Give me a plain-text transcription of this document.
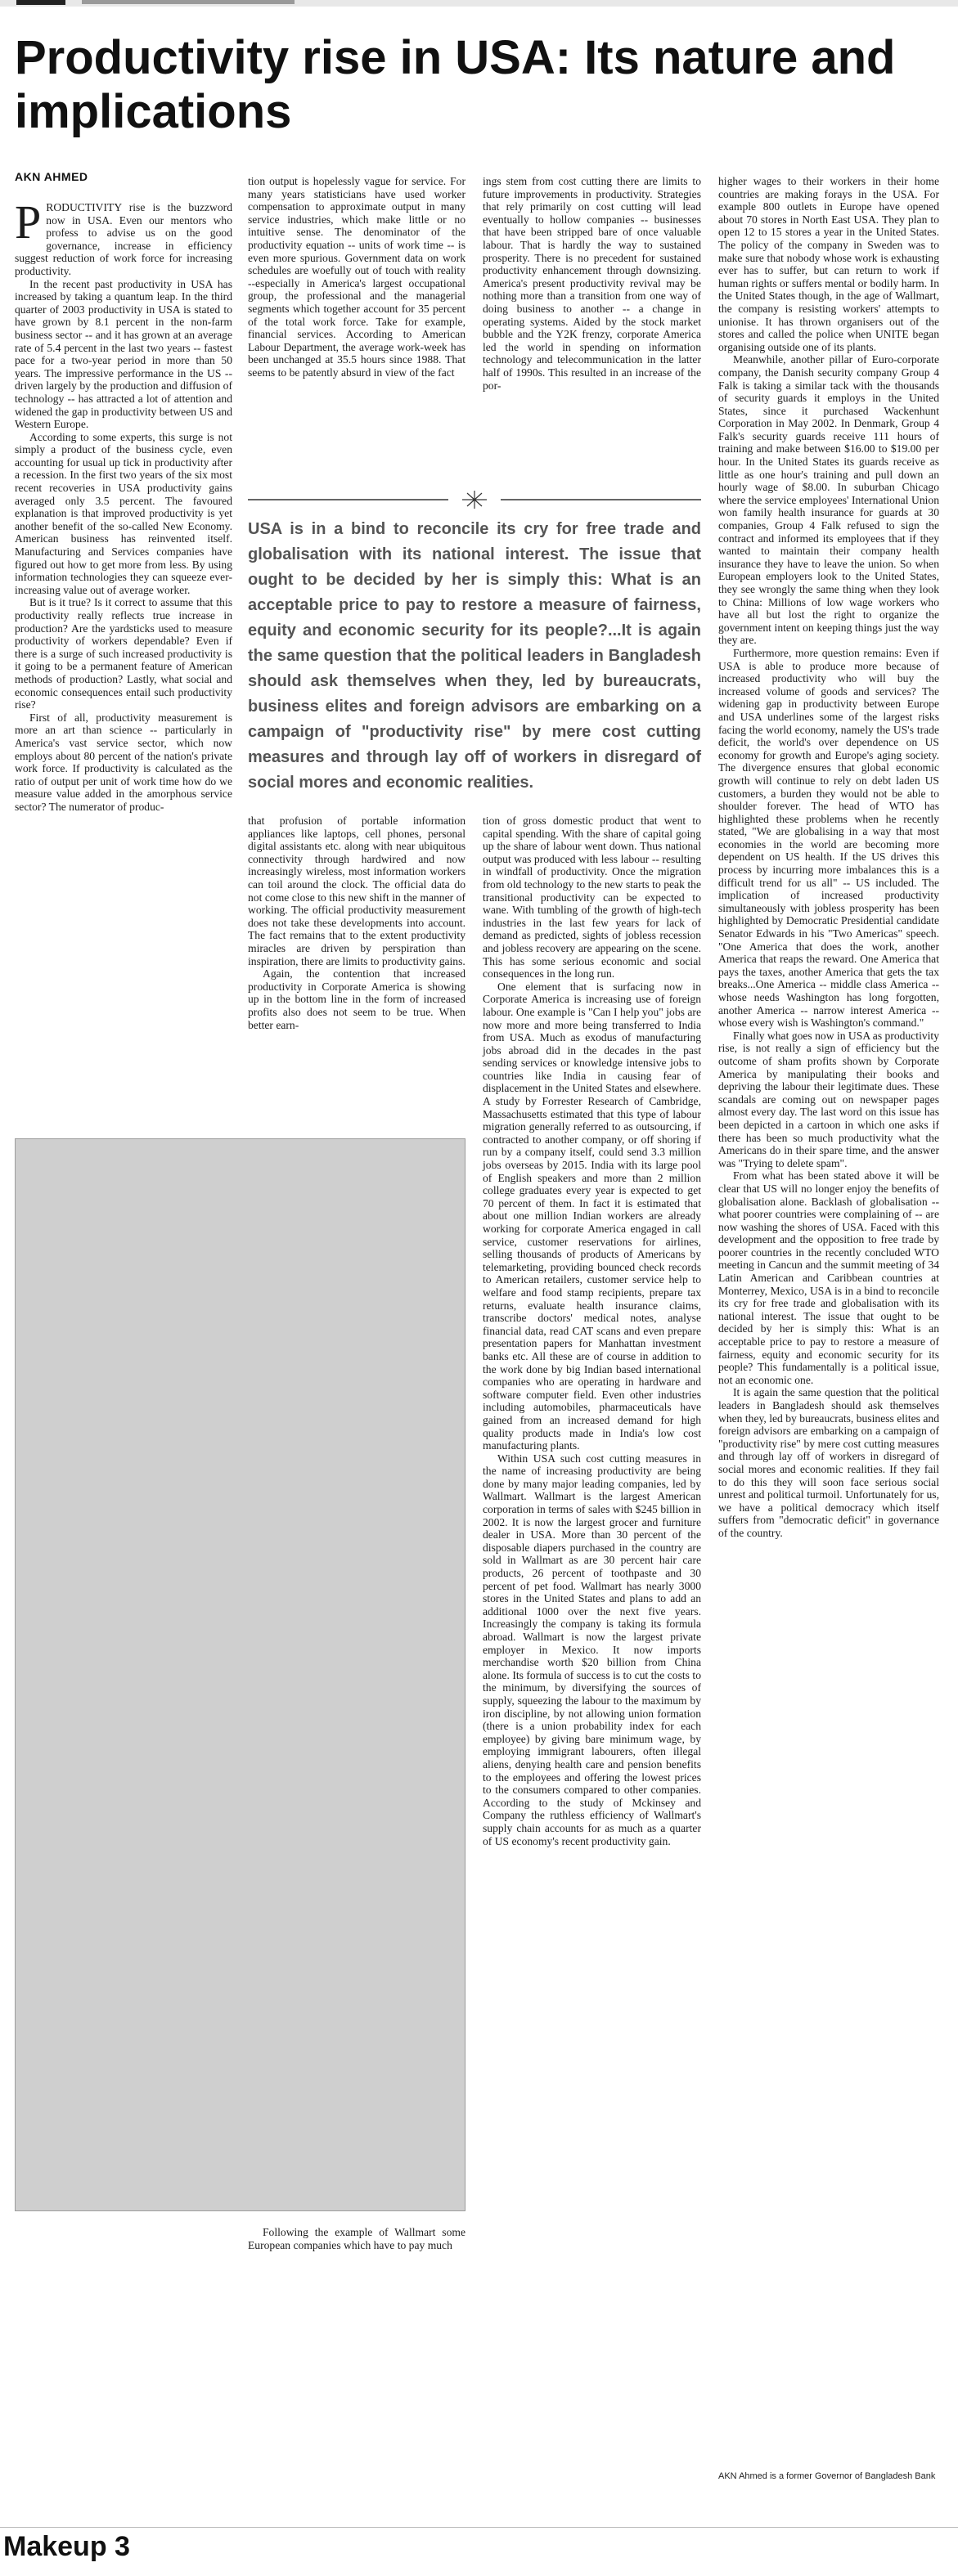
Productivity rise in USA: Its nature and implications
AKN AHMED

PRODUCTIVITY rise is the buzzword now in USA. Even our mentors who profess to advise us on the good governance, increase in efficiency suggest reduction of work force for increasing productivity.

In the recent past productivity in USA has increased by taking a quantum leap. In the third quarter of 2003 productivity in USA is stated to have grown by 8.1 percent in the non-farm business sector -- and it has grown at an average rate of 5.4 percent in the last two years -- fastest pace for a two-year period in more than 50 years. The impressive performance in the US -- driven largely by the production and diffusion of technology -- has attracted a lot of attention and widened the gap in productivity between US and Western Europe.

According to some experts, this surge is not simply a product of the business cycle, even accounting for usual up tick in productivity after a recession. In the first two years of the six most recent recoveries in USA productivity gains averaged only 3.5 percent. The favoured explanation is that improved productivity is yet another benefit of the so-called New Economy. American business has reinvented itself. Manufacturing and Services companies have figured out how to get more from less. By using information technologies they can squeeze ever-increasing value out of average worker.

But is it true? Is it correct to assume that this productivity really reflects true increase in production? Are the yardsticks used to measure productivity of workers dependable? Even if there is a surge of such increased productivity is it going to be a permanent feature of American methods of production? Lastly, what social and economic consequences entail such productivity rise?

First of all, productivity measurement is more an art than science -- particularly in America's vast service sector, which now employs about 80 percent of the nation's private work force. If productivity is calculated as the ratio of output per unit of work time how do we measure value added in the amorphous service sector? The numerator of produc-

tion output is hopelessly vague for service. For many years statisticians have used worker compensation to approximate output in many service industries, which make little or no intuitive sense. The denominator of the productivity equation -- units of work time -- is even more spurious. Government data on work schedules are woefully out of touch with reality --especially in America's largest occupational group, the professional and the managerial segments which together account for 35 percent of the total work force. Take for example, financial services. According to American Labour Department, the average work-week has been unchanged at 35.5 hours since 1988. That seems to be patently absurd in view of the fact

ings stem from cost cutting there are limits to future improvements in productivity. Strategies that rely primarily on cost cutting will lead eventually to hollow companies -- businesses that have been stripped bare of once valuable labour. That is hardly the way to sustained prosperity. There is no precedent for sustained productivity enhancement through downsizing. America's present productivity revival may be nothing more than a transition from one way of doing business to another -- a change in operating systems. Aided by the stock market bubble and the Y2K frenzy, corporate America led the world in spending on information technology and telecommunication in the latter half of 1990s. This resulted in an increase of the por-

USA is in a bind to reconcile its cry for free trade and globalisation with its national interest. The issue that ought to be decided by her is simply this: What is an acceptable price to pay to restore a measure of fairness, equity and economic security for its people?...It is again the same question that the political leaders in Bangladesh should ask themselves when they, led by bureaucrats, business elites and foreign advisors are embarking on a campaign of "productivity rise" by mere cost cutting measures and through lay off of workers in disregard of social mores and economic realities.

that profusion of portable information appliances like laptops, cell phones, personal digital assistants etc. along with near ubiquitous connectivity through hardwired and now increasingly wireless, most information workers can toil around the clock. The official data do not come close to this new shift in the manner of working. The official productivity measurement does not take these developments into account. The fact remains that to the extent productivity miracles are driven by perspiration than inspiration, there are limits to productivity gains.

Again, the contention that increased productivity in Corporate America is showing up in the bottom line in the form of increased profits also does not seem to be true. When better earn-

tion of gross domestic product that went to capital spending. With the share of capital going up the share of labour went down. Thus national output was produced with less labour -- resulting in windfall of productivity. Once the migration from old technology to the new starts to peak the transitional productivity can be expected to wane. With tumbling of the growth of high-tech industries in the last few years for lack of demand as predicted, sights of jobless recession and jobless recovery are appearing on the scene. This has some serious economic and social consequences in the long run.

One element that is surfacing now in Corporate America is increasing use of foreign labour. One example is "Can I help you" jobs are now more and more being transferred to India from USA. Much as exodus of manufacturing jobs abroad did in the decades in the past sending services or knowledge intensive jobs to countries like India in causing fear of displacement in the United States and elsewhere. A study by Forrester Research of Cambridge, Massachusetts estimated that this type of labour migration generally referred to as outsourcing, if contracted to another company, or off shoring if run by a company itself, could send 3.3 million jobs overseas by 2015. India with its large pool of English speakers and more than 2 million college graduates every year is expected to get 70 percent of them. In fact it is estimated that about one million Indian workers are already working for corporate America engaged in call service, customer reservations for airlines, selling thousands of products of Americans by telemarketing, providing bounced check records to American retailers, customer service help to welfare and food stamp recipients, prepare tax returns, evaluate health insurance claims, transcribe doctors' medical notes, analyse financial data, read CAT scans and even prepare presentation papers for Manhattan investment banks etc. All these are of course in addition to the work done by big Indian based international companies who are operating in hardware and software computer field. Even other industries including automobiles, pharmaceuticals have gained from an increased demand for high quality products made in India's low cost manufacturing plants.

Within USA such cost cutting measures in the name of increasing productivity are being done by many major leading companies, led by Wallmart. Wallmart is the largest American corporation in terms of sales with $245 billion in 2002. It is now the largest grocer and furniture dealer in USA. More than 30 percent of the disposable diapers purchased in the country are sold in Wallmart as are 30 percent hair care products, 26 percent of toothpaste and 30 percent of pet food. Wallmart has nearly 3000 stores in the United States and plans to add an additional 1000 over the next five years. Increasingly the company is taking its formula abroad. Wallmart is now the largest private employer in Mexico. It now imports merchandise worth $20 billion from China alone. Its formula of success is to cut the costs to the minimum, by diversifying the sources of supply, squeezing the labour to the maximum by iron discipline, by not allowing union formation (there is a union probability index for each employee) by giving bare minimum wage, by employing immigrant labourers, often illegal aliens, denying health care and pension benefits to the employees and offering the lowest prices to the consumers compared to other companies. According to the study of Mckinsey and Company the ruthless efficiency of Wallmart's supply chain accounts for as much as a quarter of US economy's recent productivity gain.

Following the example of Wallmart some European companies which have to pay much

higher wages to their workers in their home countries are making forays in the USA. For example 800 outlets in Europe have opened about 70 stores in North East USA. They plan to open 12 to 15 stores a year in the United States. The policy of the company in Sweden was to make sure that nobody whose work is exhausting ever has to suffer, but can return to work if human rights or suffers mental or bodily harm. In the United States though, in the age of Wallmart, the company is resisting workers' attempts to unionise. It has thrown organisers out of the stores and called the police when UNITE began organising outside one of its plants.

Meanwhile, another pillar of Euro-corporate company, the Danish security company Group 4 Falk is taking a similar tack with the thousands of security guards it employs in the United States, since it purchased Wackenhunt Corporation in May 2002. In Denmark, Group 4 Falk's security guards receive 111 hours of training and make between $16.00 to $19.00 per hour. In the United States its guards receive as little as one hour's training and pull down an hourly wage of $8.00. In suburban Chicago where the service employees' International Union won family health insurance for guards at 30 companies, Group 4 Falk refused to sign the contract and informed its employees that if they wanted to maintain their company health insurance they have to leave the union. So when European employers look to the United States, they see wrongly the same thing when they look to China: Millions of low wage workers who have all but lost the right to organize the government intent on keeping things just the way they are.

Furthermore, more question remains: Even if USA is able to produce more because of increased productivity who will buy the increased volume of goods and services? The widening gap in productivity between Europe and USA underlines some of the largest risks facing the world economy, namely the US's trade deficit, the world's over dependence on US economy for growth and Europe's aging society. The divergence ensures that global economic growth will continue to rely on debt laden US customers, a burden they would not be able to shoulder forever. The head of WTO has highlighted these problems when he recently stated, "We are globalising in a way that most economies in the world are becoming more dependent on US health. If the US drives this process by incurring more imbalances this is a difficult trend for us all" -- US included. The implication of increased productivity simultaneously with jobless prosperity has been highlighted by Democratic Presidential candidate Senator Edwards in his "Two Americas" speech. "One America that does the work, another America that reaps the reward. One America that pays the taxes, another America that gets the tax breaks...One America -- middle class America -- whose needs Washington has long forgotten, another America -- narrow interest America -- whose every wish is Washington's command."

Finally what goes now in USA as productivity rise, is not really a sign of efficiency but the outcome of sham profits shown by Corporate America by manipulating their books and depriving the labour their legitimate dues. These scandals are coming out on newspaper pages almost every day. The last word on this issue has been depicted in a cartoon in which one asks if there has been so much productivity what the Americans do in their spare time, and the answer was "Trying to delete spam".

From what has been stated above it will be clear that US will no longer enjoy the benefits of globalisation alone. Backlash of globalisation -- what poorer countries were complaining of -- are now washing the shores of USA. Faced with this development and the opposition to free trade by poorer countries in the recently concluded WTO meeting in Cancun and the summit meeting of 34 Latin American and Caribbean countries at Monterrey, Mexico, USA is in a bind to reconcile its cry for free trade and globalisation with its national interest. The issue that ought to be decided by her is simply this: What is an acceptable price to pay to restore a measure of fairness, equity and economic security for its people? This fundamentally is a political issue, not an economic one.

It is again the same question that the political leaders in Bangladesh should ask themselves when they, led by bureaucrats, business elites and foreign advisors are embarking on a campaign of "productivity rise" by mere cost cutting measures and through lay off of workers in disregard of social mores and economic realities. If they fail to do this they will soon face serious social unrest and political turmoil. Unfortunately for us, we have a political democracy which itself suffers from "democratic deficit" in governance of the country.

AKN Ahmed is a former Governor of Bangladesh Bank
Makeup 3
